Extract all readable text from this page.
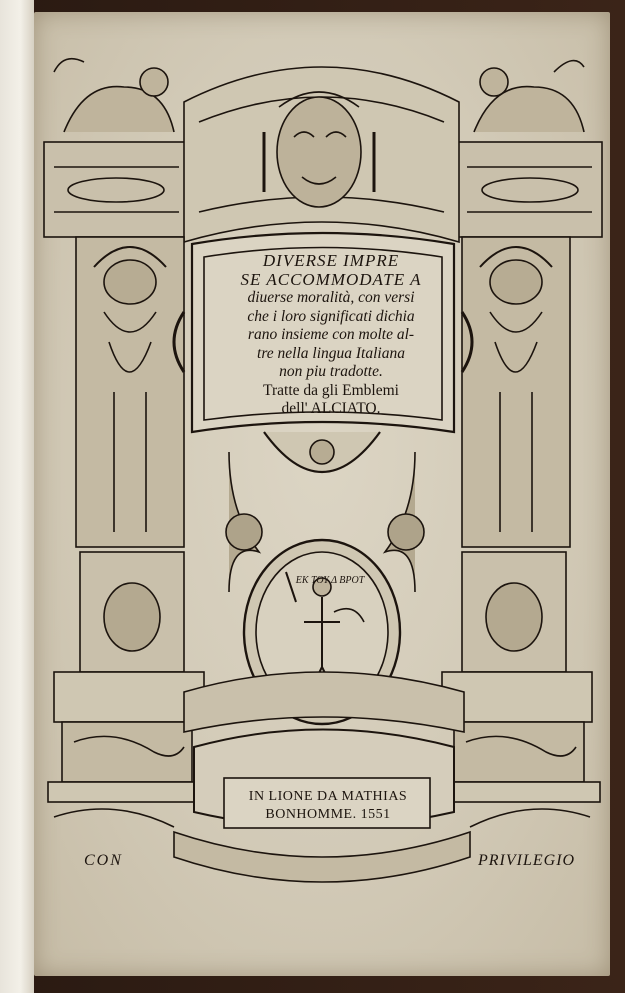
EK ΤΟΥ Δ ΒΡΟΤ
DIVERSE IMPRE
SE ACCOMMODATE A
diuerse moralità, con versi
che i loro significati dichia
rano insieme con molte al-
tre nella lingua Italiana
non piu tradotte.
Tratte da gli Emblemi
dell' ALCIATO.
IN LIONE DA MATHIAS
BONHOMME. 1551
CON	PRIVILEGIO
